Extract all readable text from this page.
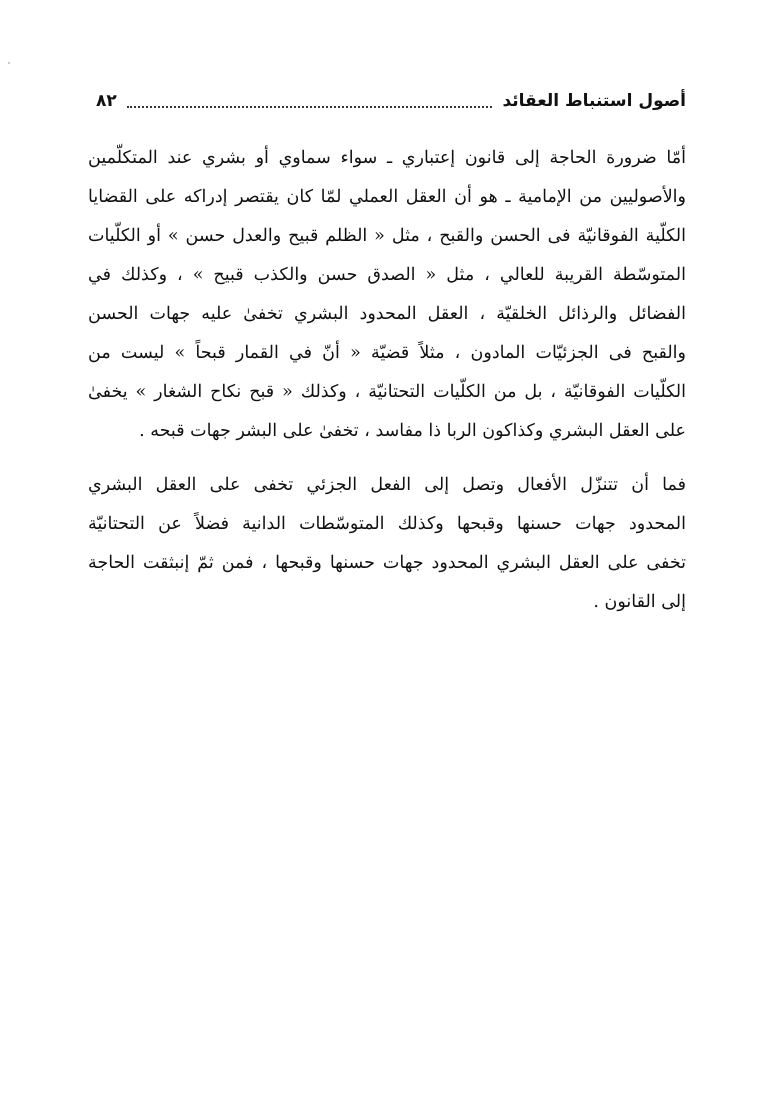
أصول استنباط العقائد
٨٢
أمّا ضرورة الحاجة إلى قانون إعتباري ـ سواء سماوي أو بشري عند المتكلّمين
والأصوليين من الإمامية ـ هو أن العقل العملي لمّا كان يقتصر إدراكه على القضايا
الكلّية الفوقانيّة فى الحسن والقبح ، مثل « الظلم قبيح والعدل حسن » أو الكلّيات
المتوسّطة القريبة للعالي ، مثل « الصدق حسن والكذب قبيح » ، وكذلك في
الفضائل والرذائل الخلقيّة ، العقل المحدود البشري تخفىٰ عليه جهات الحسن
والقبح فى الجزئيّات المادون ، مثلاً قضيّة « أنّ في القمار قبحاً » ليست من
الكلّيات الفوقانيّة ، بل من الكلّيات التحتانيّة ، وكذلك « قبح نكاح الشغار » يخفىٰ
على العقل البشري وكذاكون الربا ذا مفاسد ، تخفىٰ على البشر جهات قبحه .
فما أن تتنزّل الأفعال وتصل إلى الفعل الجزئي تخفى على العقل البشري
المحدود جهات حسنها وقبحها وكذلك المتوسّطات الدانية فضلاً عن التحتانيّة
تخفى على العقل البشري المحدود جهات حسنها وقبحها ، فمن ثمّ إنبثقت الحاجة
إلى القانون .
